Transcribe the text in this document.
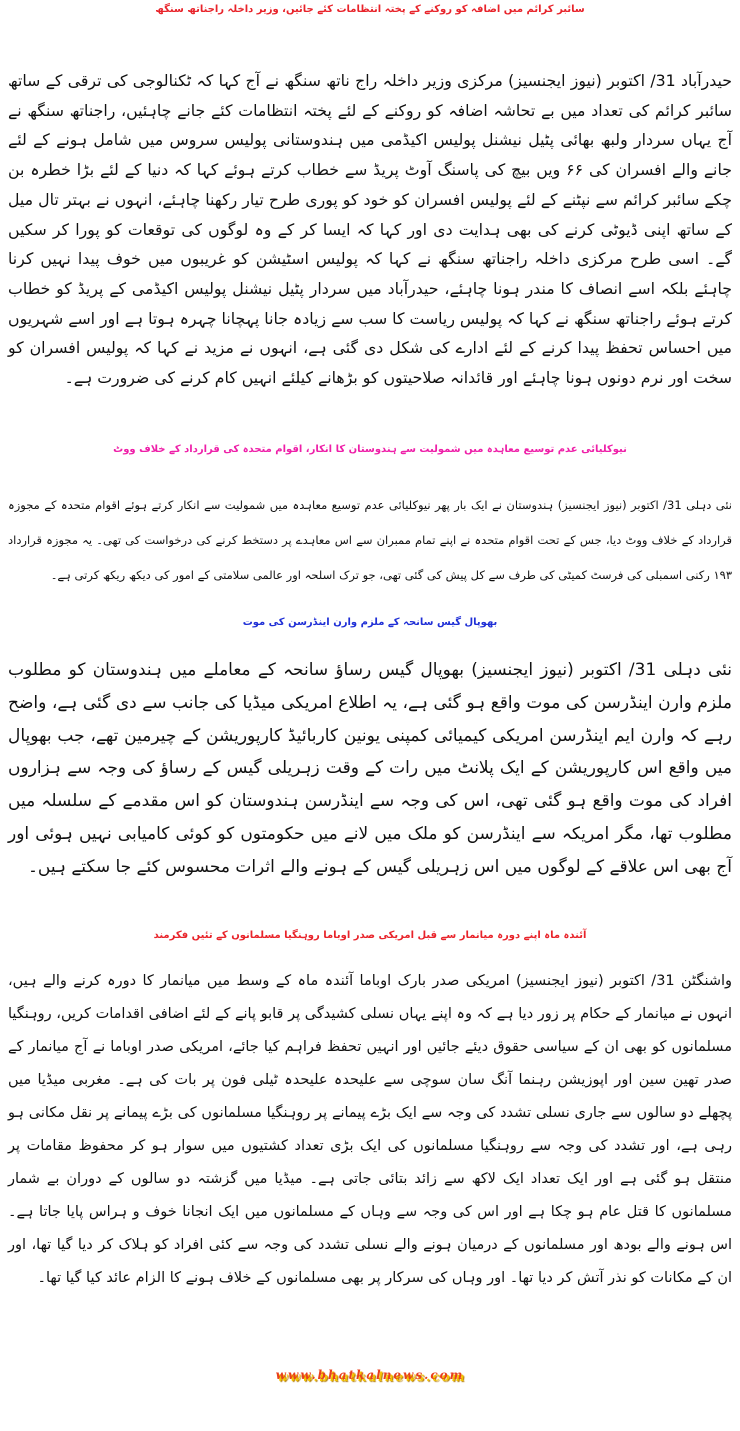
سائبر کرائم میں اضافہ کو روکنے کے پختہ انتظامات کئے جائیں، وزیر داخلہ راجناتھ سنگھ
حیدرآباد 31/ اکتوبر (نیوز ایجنسیز) مرکزی وزیر داخلہ راج ناتھ سنگھ نے آج کہا کہ ٹکنالوجی کی ترقی کے ساتھ سائبر کرائم کی تعداد میں بے تحاشہ اضافہ کو روکنے کے لئے پختہ انتظامات کئے جانے چاہئیں، راجناتھ سنگھ نے آج یہاں سردار ولبھ بھائی پٹیل نیشنل پولیس اکیڈمی میں ہندوستانی پولیس سروس میں شامل ہونے کے لئے جانے والے افسران کی ۶۶ ویں بیچ کی پاسنگ آوٹ پریڈ سے خطاب کرتے ہوئے کہا کہ دنیا کے لئے بڑا خطرہ بن چکے سائبر کرائم سے نپٹنے کے لئے پولیس افسران کو خود کو پوری طرح تیار رکھنا چاہئے، انہوں نے بہتر تال میل کے ساتھ اپنی ڈیوٹی کرنے کی بھی ہدایت دی اور کہا کہ ایسا کر کے وہ لوگوں کی توقعات کو پورا کر سکیں گے۔ اسی طرح مرکزی داخلہ راجناتھ سنگھ نے کہا کہ پولیس اسٹیشن کو غریبوں میں خوف پیدا نہیں کرنا چاہئے بلکہ اسے انصاف کا مندر ہونا چاہئے، حیدرآباد میں سردار پٹیل نیشنل پولیس اکیڈمی کے پریڈ کو خطاب کرتے ہوئے راجناتھ سنگھ نے کہا کہ پولیس ریاست کا سب سے زیادہ جانا پہچانا چہرہ ہوتا ہے اور اسے شہریوں میں احساس تحفظ پیدا کرنے کے لئے ادارے کی شکل دی گئی ہے، انہوں نے مزید نے کہا کہ پولیس افسران کو سخت اور نرم دونوں ہونا چاہئے اور قائدانہ صلاحیتوں کو بڑھانے کیلئے انہیں کام کرنے کی ضرورت ہے۔
نیوکلیائی عدم توسیع معاہدہ میں شمولیت سے ہندوستان کا انکار، اقوام متحدہ کی قرارداد کے خلاف ووٹ
نئی دہلی 31/ اکتوبر (نیوز ایجنسیز) ہندوستان نے ایک بار پھر نیوکلیائی عدم توسیع معاہدہ میں شمولیت سے انکار کرتے ہوئے اقوام متحدہ کے مجوزہ قرارداد کے خلاف ووٹ دیا، جس کے تحت اقوام متحدہ نے اپنے تمام ممبران سے اس معاہدے پر دستخط کرنے کی درخواست کی تھی۔ یہ مجوزہ قرارداد ۱۹۳ رکنی اسمبلی کی فرسٹ کمیٹی کی طرف سے کل پیش کی گئی تھی، جو ترک اسلحہ اور عالمی سلامتی کے امور کی دیکھ ریکھ کرتی ہے۔
بھوپال گیس سانحہ کے ملزم وارن اینڈرسن کی موت
نئی دہلی 31/ اکتوبر (نیوز ایجنسیز) بھوپال گیس رساؤ سانحہ کے معاملے میں ہندوستان کو مطلوب ملزم وارن اینڈرسن کی موت واقع ہو گئی ہے، یہ اطلاع امریکی میڈیا کی جانب سے دی گئی ہے، واضح رہے کہ وارن ایم اینڈرسن امریکی کیمیائی کمپنی یونین کاربائیڈ کارپوریشن کے چیرمین تھے، جب بھوپال میں واقع اس کارپوریشن کے ایک پلانٹ میں رات کے وقت زہریلی گیس کے رساؤ کی وجہ سے ہزاروں افراد کی موت واقع ہو گئی تھی، اس کی وجہ سے اینڈرسن ہندوستان کو اس مقدمے کے سلسلہ میں مطلوب تھا، مگر امریکہ سے اینڈرسن کو ملک میں لانے میں حکومتوں کو کوئی کامیابی نہیں ہوئی اور آج بھی اس علاقے کے لوگوں میں اس زہریلی گیس کے ہونے والے اثرات محسوس کئے جا سکتے ہیں۔
آئندہ ماہ اپنے دورہ میانمار سے قبل امریکی صدر اوباما روہنگیا مسلمانوں کے تئیں فکرمند
واشنگٹن 31/ اکتوبر (نیوز ایجنسیز) امریکی صدر بارک اوباما آئندہ ماہ کے وسط میں میانمار کا دورہ کرنے والے ہیں، انہوں نے میانمار کے حکام پر زور دیا ہے کہ وہ اپنے یہاں نسلی کشیدگی پر قابو پانے کے لئے اضافی اقدامات کریں، روہنگیا مسلمانوں کو بھی ان کے سیاسی حقوق دیئے جائیں اور انہیں تحفظ فراہم کیا جائے، امریکی صدر اوباما نے آج میانمار کے صدر تھین سین اور اپوزیشن رہنما آنگ سان سوچی سے علیحدہ علیحدہ ٹیلی فون پر بات کی ہے۔ مغربی میڈیا میں پچھلے دو سالوں سے جاری نسلی تشدد کی وجہ سے ایک بڑے پیمانے پر روہنگیا مسلمانوں کی بڑے پیمانے پر نقل مکانی ہو رہی ہے، اور تشدد کی وجہ سے روہنگیا مسلمانوں کی ایک بڑی تعداد کشتیوں میں سوار ہو کر محفوظ مقامات پر منتقل ہو گئی ہے اور ایک تعداد ایک لاکھ سے زائد بتائی جاتی ہے۔ میڈیا میں گزشتہ دو سالوں کے دوران بے شمار مسلمانوں کا قتل عام ہو چکا ہے اور اس کی وجہ سے وہاں کے مسلمانوں میں ایک انجانا خوف و ہراس پایا جاتا ہے۔ اس ہونے والے بودھ اور مسلمانوں کے درمیان ہونے والے نسلی تشدد کی وجہ سے کئی افراد کو ہلاک کر دیا گیا تھا، اور ان کے مکانات کو نذر آتش کر دیا تھا۔ اور وہاں کی سرکار پر بھی مسلمانوں کے خلاف ہونے کا الزام عائد کیا گیا تھا۔
www.bhatkalnews.com
